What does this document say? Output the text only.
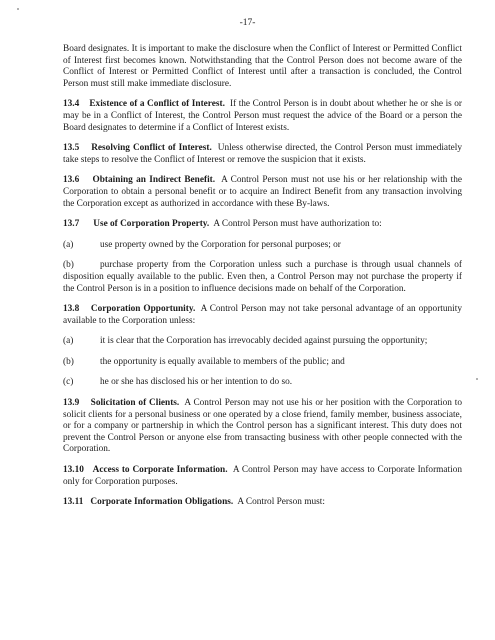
-17-

Board designates. It is important to make the disclosure when the Conflict of Interest or Permitted Conflict of Interest first becomes known. Notwithstanding that the Control Person does not become aware of the Conflict of Interest or Permitted Conflict of Interest until after a transaction is concluded, the Control Person must still make immediate disclosure.

13.4 Existence of a Conflict of Interest. If the Control Person is in doubt about whether he or she is or may be in a Conflict of Interest, the Control Person must request the advice of the Board or a person the Board designates to determine if a Conflict of Interest exists.

13.5 Resolving Conflict of Interest. Unless otherwise directed, the Control Person must immediately take steps to resolve the Conflict of Interest or remove the suspicion that it exists.

13.6 Obtaining an Indirect Benefit. A Control Person must not use his or her relationship with the Corporation to obtain a personal benefit or to acquire an Indirect Benefit from any transaction involving the Corporation except as authorized in accordance with these By-laws.

13.7 Use of Corporation Property. A Control Person must have authorization to:

(a)	use property owned by the Corporation for personal purposes; or

(b)	purchase property from the Corporation unless such a purchase is through usual channels of disposition equally available to the public. Even then, a Control Person may not purchase the property if the Control Person is in a position to influence decisions made on behalf of the Corporation.

13.8 Corporation Opportunity. A Control Person may not take personal advantage of an opportunity available to the Corporation unless:

(a)	it is clear that the Corporation has irrevocably decided against pursuing the opportunity;

(b)	the opportunity is equally available to members of the public; and
(c)	he or she has disclosed his or her intention to do so.

13.9 Solicitation of Clients. A Control Person may not use his or her position with the Corporation to solicit clients for a personal business or one operated by a close friend, family member, business associate, or for a company or partnership in which the Control person has a significant interest. This duty does not prevent the Control Person or anyone else from transacting business with other people connected with the Corporation.

13.10 Access to Corporate Information. A Control Person may have access to Corporate Information only for Corporation purposes.

13.11 Corporate Information Obligations. A Control Person must:
